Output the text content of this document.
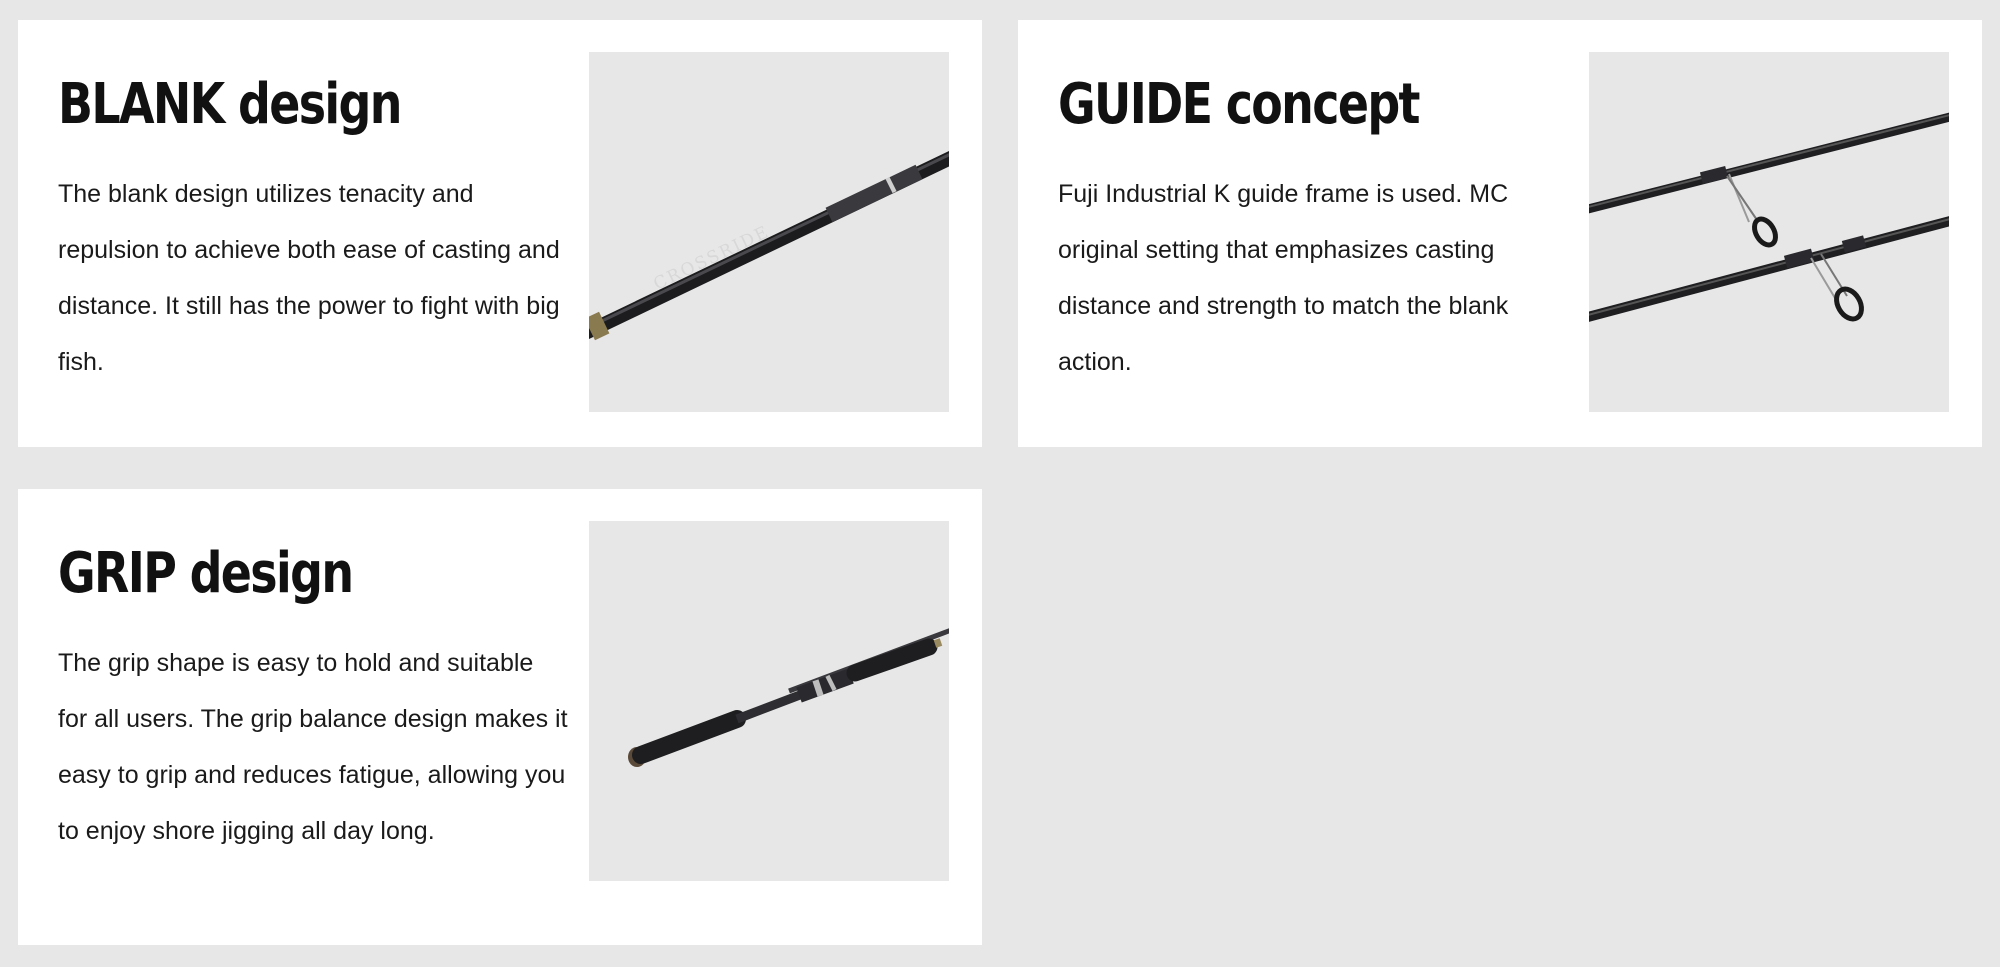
BLANK design
The blank design utilizes tenacity and repulsion to achieve both ease of casting and distance. It still has the power to fight with big fish.
CROSSRIDE
GUIDE concept
Fuji Industrial K guide frame is used. MC original setting that emphasizes casting distance and strength to match the blank action.
GRIP design
The grip shape is easy to hold and suitable for all users. The grip balance design makes it easy to grip and reduces fatigue, allowing you to enjoy shore jigging all day long.
